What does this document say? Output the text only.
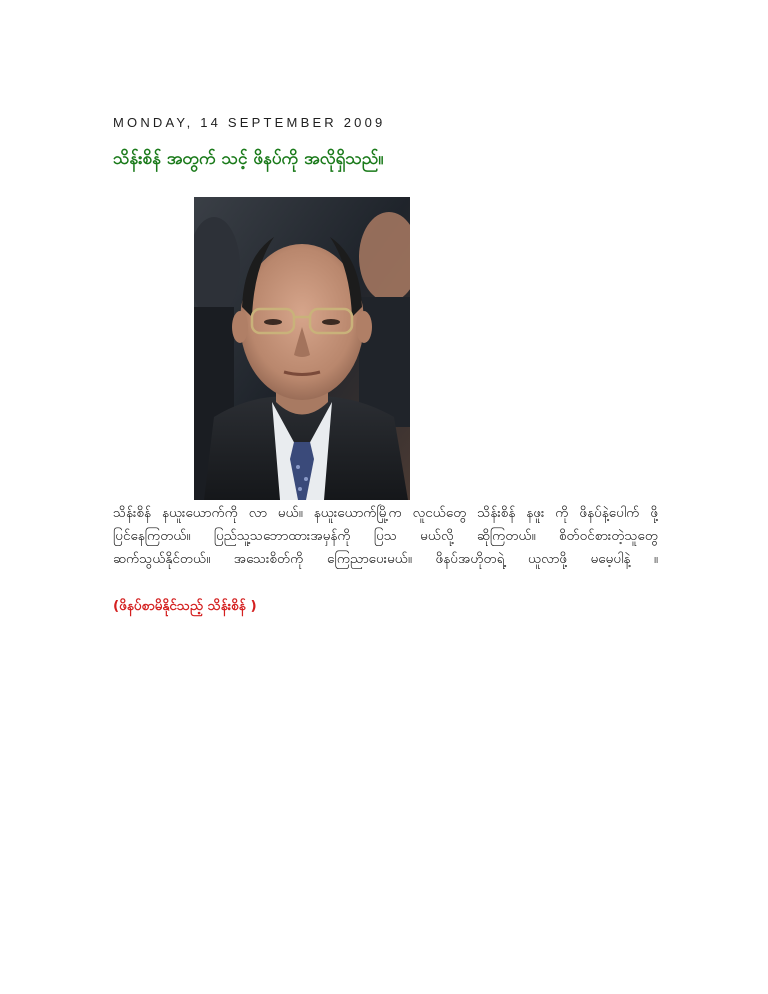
MONDAY, 14 SEPTEMBER 2009
သိန်းစိန် အတွက် သင့် ဖိနပ်ကို အလိုရှိသည်။
သိန်းစိန် နယူးယောက်ကို လာ မယ်။ နယူးယောက်မြို့က လူငယ်တွေ သိန်းစိန် နဖူး ကို ဖိနပ်နဲ့ပေါက် ဖို့
ပြင်နေကြတယ်။ ပြည်သူ့သဘောထားအမှန်ကို ပြသ မယ်လို့ ဆိုကြတယ်။ စိတ်ဝင်စားတဲ့သူတွေ
ဆက်သွယ်နိုင်တယ်။ အသေးစိတ်ကို ကြေညာပေးမယ်။ ဖိနပ်အဟိုတရဲ့ ယူလာဖို့ မမေ့ပါနဲ့ ။
(ဖိနပ်စာမိနိုင်သည့် သိန်းစိန် )
